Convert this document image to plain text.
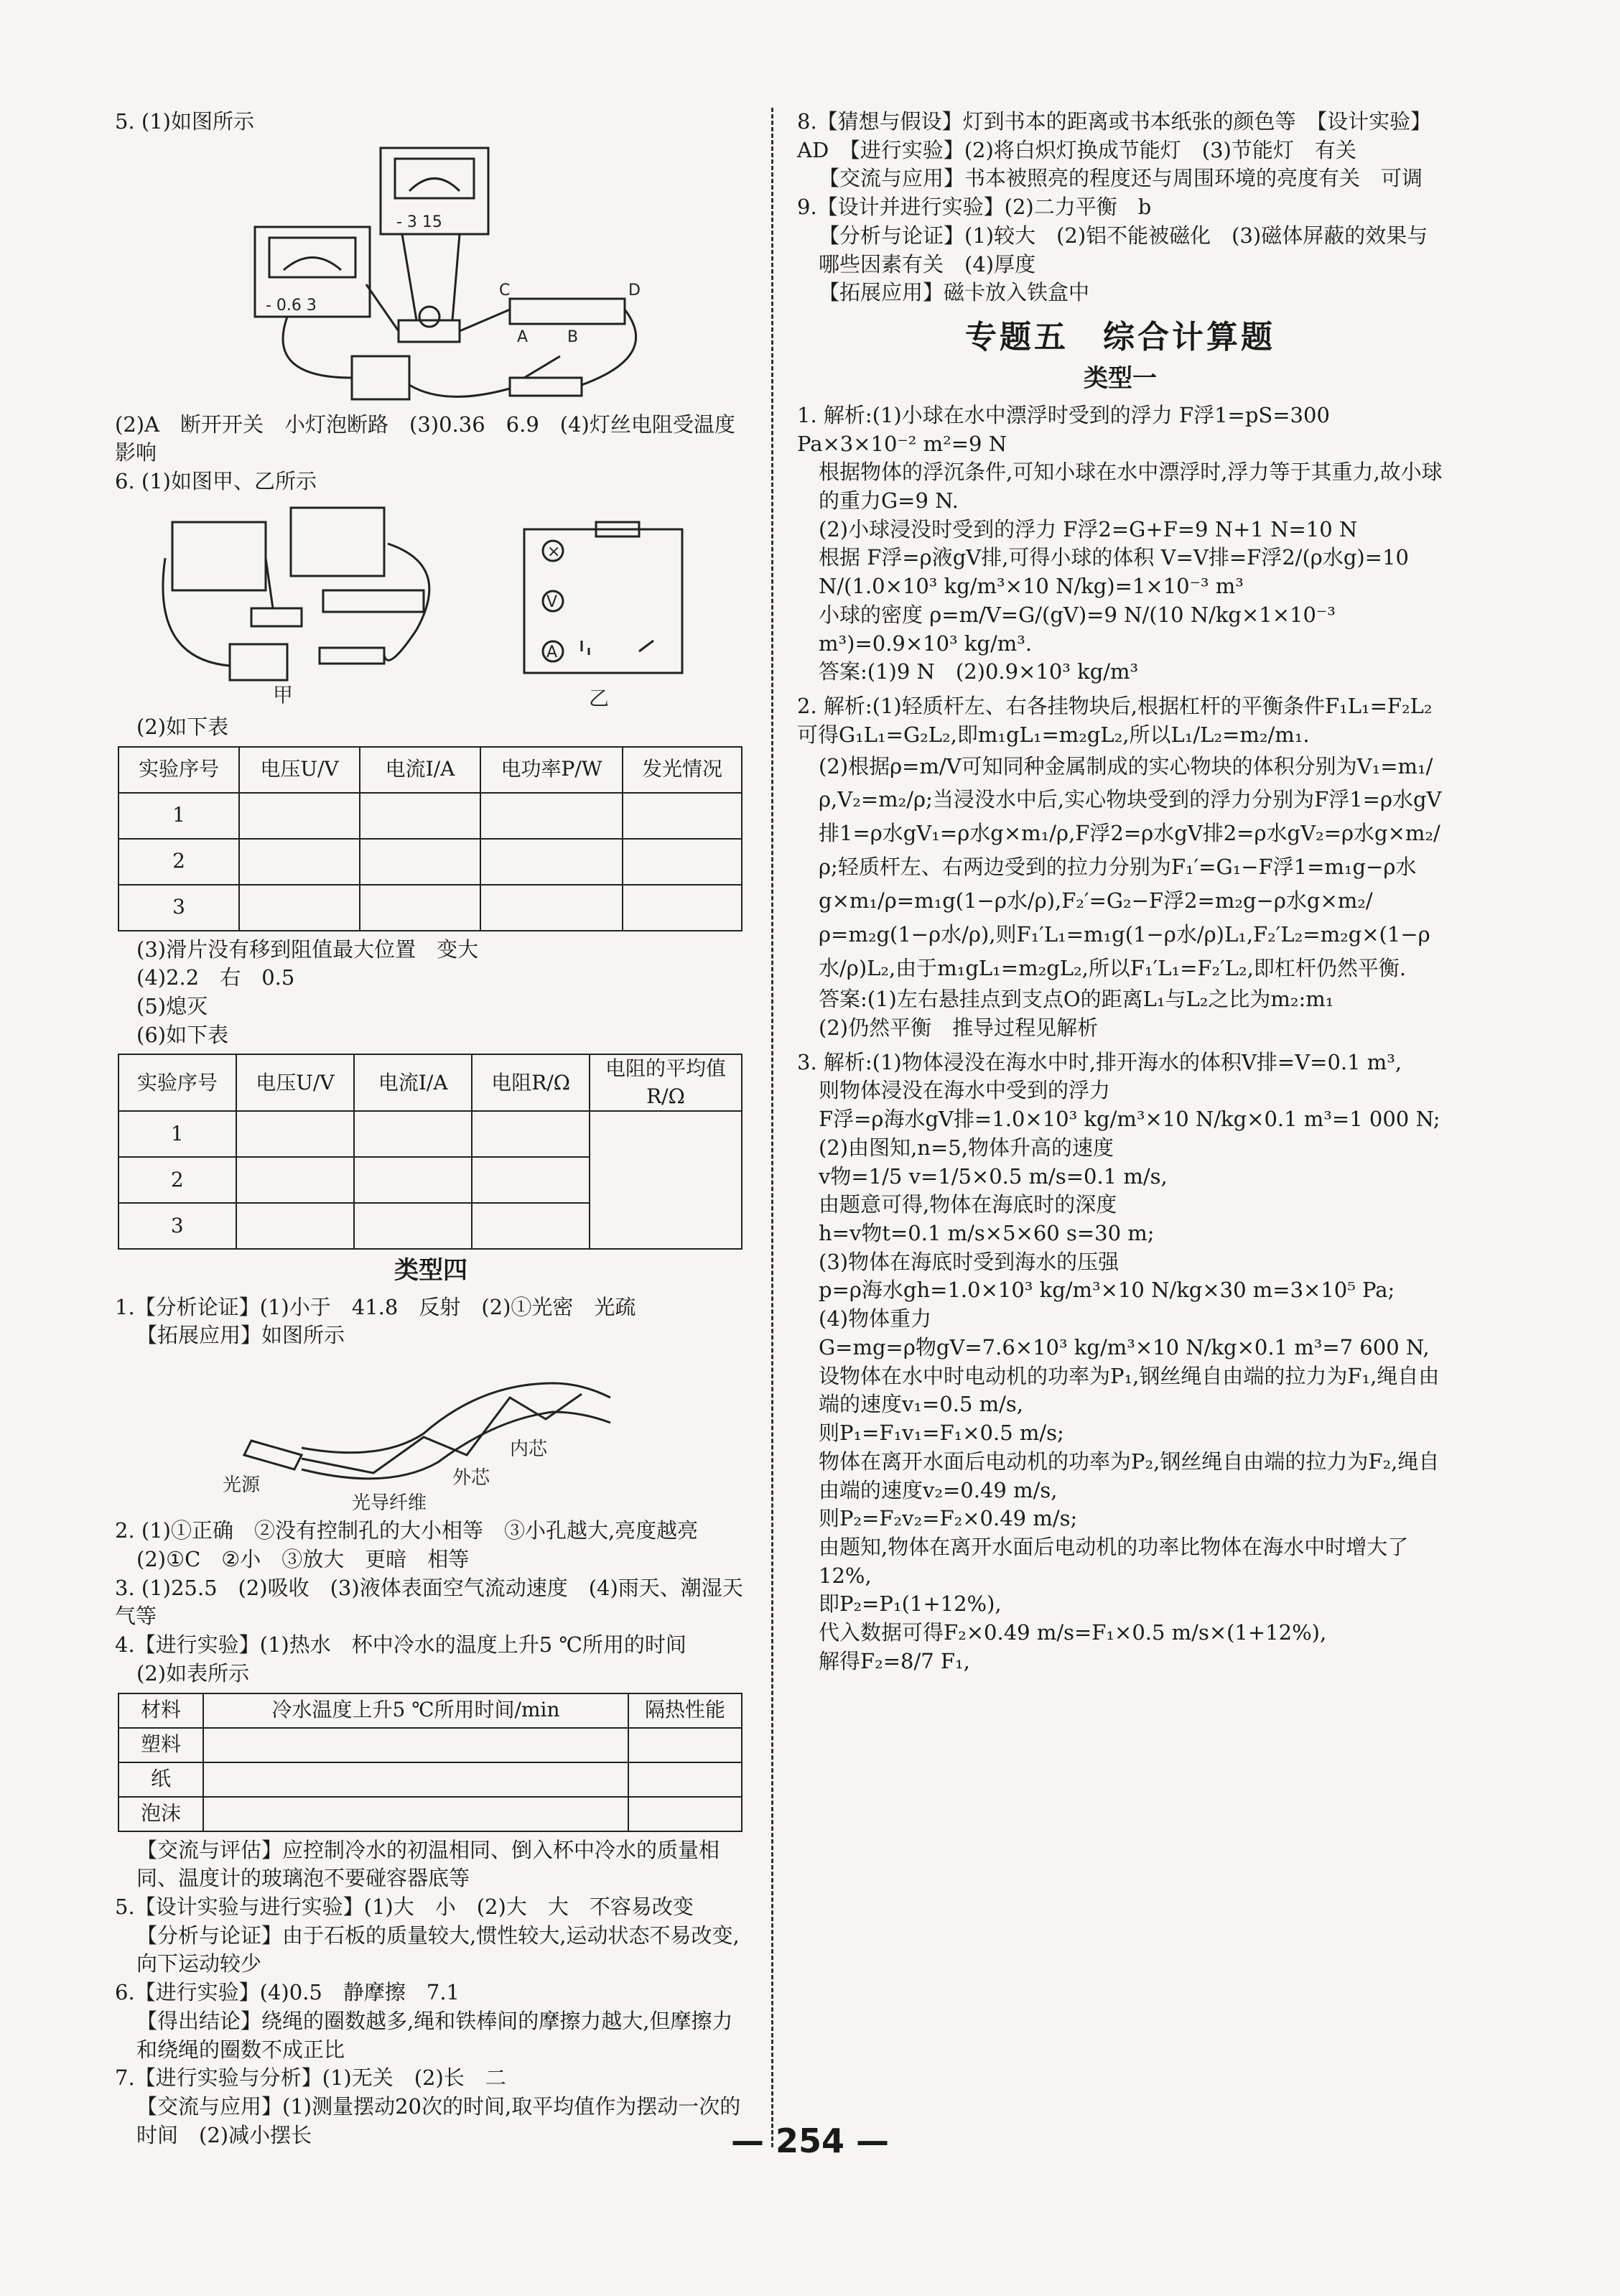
5. (1)如图所示

- 3 15
- 0.6 3
C	D
A B

(2)A　断开开关　小灯泡断路　(3)0.36　6.9　(4)灯丝电阻受温度影响

6. (1)如图甲、乙所示

×
V
A
甲	乙

(2)如下表

实验序号	电压U/V	电流I/A	电功率P/W	发光情况
1				
2				
3				

(3)滑片没有移到阻值最大位置　变大

(4)2.2　右　0.5

(5)熄灭

(6)如下表

实验序号	电压U/V	电流I/A	电阻R/Ω	电阻的平均值R/Ω
1				
2				
3				
类型四

1.【分析论证】(1)小于　41.8　反射　(2)①光密　光疏

【拓展应用】如图所示

光源
内芯
外芯
光导纤维

2. (1)①正确　②没有控制孔的大小相等　③小孔越大,亮度越亮

(2)①C　②小　③放大　更暗　相等

3. (1)25.5　(2)吸收　(3)液体表面空气流动速度　(4)雨天、潮湿天气等

4.【进行实验】(1)热水　杯中冷水的温度上升5 ℃所用的时间

(2)如表所示

材料	冷水温度上升5 ℃所用时间/min	隔热性能
塑料		
纸		
泡沫		

【交流与评估】应控制冷水的初温相同、倒入杯中冷水的质量相同、温度计的玻璃泡不要碰容器底等

5.【设计实验与进行实验】(1)大　小　(2)大　大　不容易改变

【分析与论证】由于石板的质量较大,惯性较大,运动状态不易改变,向下运动较少

6.【进行实验】(4)0.5　静摩擦　7.1

【得出结论】绕绳的圈数越多,绳和铁棒间的摩擦力越大,但摩擦力和绕绳的圈数不成正比

7.【进行实验与分析】(1)无关　(2)长　二

【交流与应用】(1)测量摆动20次的时间,取平均值作为摆动一次的时间　(2)减小摆长

8.【猜想与假设】灯到书本的距离或书本纸张的颜色等　【设计实验】AD　【进行实验】(2)将白炽灯换成节能灯　(3)节能灯　有关

【交流与应用】书本被照亮的程度还与周围环境的亮度有关　可调

9.【设计并进行实验】(2)二力平衡　b

【分析与论证】(1)较大　(2)铝不能被磁化　(3)磁体屏蔽的效果与哪些因素有关　(4)厚度

【拓展应用】磁卡放入铁盒中

专题五　综合计算题
类型一

1. 解析:(1)小球在水中漂浮时受到的浮力 F浮1=pS=300 Pa×3×10⁻² m²=9 N

根据物体的浮沉条件,可知小球在水中漂浮时,浮力等于其重力,故小球的重力G=9 N.

(2)小球浸没时受到的浮力 F浮2=G+F=9 N+1 N=10 N

根据 F浮=ρ液gV排,可得小球的体积 V=V排=F浮2/(ρ水g)=10 N/(1.0×10³ kg/m³×10 N/kg)=1×10⁻³ m³

小球的密度 ρ=m/V=G/(gV)=9 N/(10 N/kg×1×10⁻³ m³)=0.9×10³ kg/m³.

答案:(1)9 N　(2)0.9×10³ kg/m³

2. 解析:(1)轻质杆左、右各挂物块后,根据杠杆的平衡条件F₁L₁=F₂L₂可得G₁L₁=G₂L₂,即m₁gL₁=m₂gL₂,所以L₁/L₂=m₂/m₁.

(2)根据ρ=m/V可知同种金属制成的实心物块的体积分别为V₁=m₁/ρ,V₂=m₂/ρ;当浸没水中后,实心物块受到的浮力分别为F浮1=ρ水gV排1=ρ水gV₁=ρ水g×m₁/ρ,F浮2=ρ水gV排2=ρ水gV₂=ρ水g×m₂/ρ;轻质杆左、右两边受到的拉力分别为F₁′=G₁−F浮1=m₁g−ρ水g×m₁/ρ=m₁g(1−ρ水/ρ),F₂′=G₂−F浮2=m₂g−ρ水g×m₂/ρ=m₂g(1−ρ水/ρ),则F₁′L₁=m₁g(1−ρ水/ρ)L₁,F₂′L₂=m₂g×(1−ρ水/ρ)L₂,由于m₁gL₁=m₂gL₂,所以F₁′L₁=F₂′L₂,即杠杆仍然平衡.

答案:(1)左右悬挂点到支点O的距离L₁与L₂之比为m₂:m₁

(2)仍然平衡　推导过程见解析

3. 解析:(1)物体浸没在海水中时,排开海水的体积V排=V=0.1 m³,

则物体浸没在海水中受到的浮力

F浮=ρ海水gV排=1.0×10³ kg/m³×10 N/kg×0.1 m³=1 000 N;

(2)由图知,n=5,物体升高的速度

v物=1/5 v=1/5×0.5 m/s=0.1 m/s,

由题意可得,物体在海底时的深度

h=v物t=0.1 m/s×5×60 s=30 m;

(3)物体在海底时受到海水的压强

p=ρ海水gh=1.0×10³ kg/m³×10 N/kg×30 m=3×10⁵ Pa;

(4)物体重力

G=mg=ρ物gV=7.6×10³ kg/m³×10 N/kg×0.1 m³=7 600 N,

设物体在水中时电动机的功率为P₁,钢丝绳自由端的拉力为F₁,绳自由端的速度v₁=0.5 m/s,

则P₁=F₁v₁=F₁×0.5 m/s;

物体在离开水面后电动机的功率为P₂,钢丝绳自由端的拉力为F₂,绳自由端的速度v₂=0.49 m/s,

则P₂=F₂v₂=F₂×0.49 m/s;

由题知,物体在离开水面后电动机的功率比物体在海水中时增大了12%,

即P₂=P₁(1+12%),

代入数据可得F₂×0.49 m/s=F₁×0.5 m/s×(1+12%),

解得F₂=8/7 F₁,

— 254 —
